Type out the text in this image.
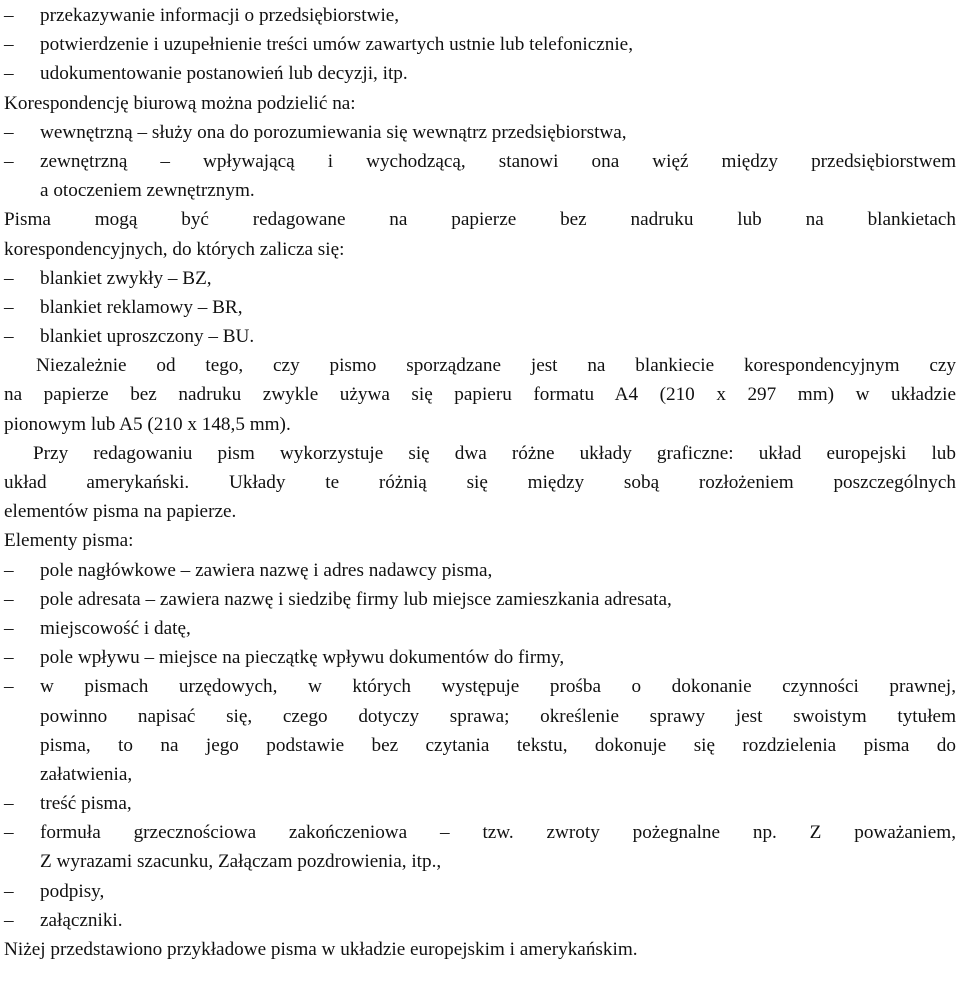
–	przekazywanie informacji o przedsiębiorstwie,
–	potwierdzenie i uzupełnienie treści umów zawartych ustnie lub telefonicznie,
–	udokumentowanie postanowień lub decyzji, itp.

Korespondencję biurową można podzielić na:

–	wewnętrzną – służy ona do porozumiewania się wewnątrz przedsiębiorstwa,
–	zewnętrzną – wpływającą i wychodzącą, stanowi ona więź między przedsiębiorstwem

a otoczeniem zewnętrznym.

Pisma mogą być redagowane na papierze bez nadruku lub na blankietach

korespondencyjnych, do których zalicza się:

–	blankiet zwykły – BZ,
–	blankiet reklamowy – BR,
–	blankiet uproszczony – BU.

Niezależnie od tego, czy pismo sporządzane jest na blankiecie korespondencyjnym czy

na papierze bez nadruku zwykle używa się papieru formatu A4 (210 x 297 mm) w układzie

pionowym lub A5 (210 x 148,5 mm).

Przy redagowaniu pism wykorzystuje się dwa różne układy graficzne: układ europejski lub

układ amerykański. Układy te różnią się między sobą rozłożeniem poszczególnych

elementów pisma na papierze.

Elementy pisma:

–	pole nagłówkowe – zawiera nazwę i adres nadawcy pisma,
–	pole adresata – zawiera nazwę i siedzibę firmy lub miejsce zamieszkania adresata,
–	miejscowość i datę,
–	pole wpływu – miejsce na pieczątkę wpływu dokumentów do firmy,
–	w pismach urzędowych, w których występuje prośba o dokonanie czynności prawnej,

powinno napisać się, czego dotyczy sprawa; określenie sprawy jest swoistym tytułem

pisma, to na jego podstawie bez czytania tekstu, dokonuje się rozdzielenia pisma do

załatwienia,

–	treść pisma,
–	formuła grzecznościowa zakończeniowa – tzw. zwroty pożegnalne np. Z poważaniem,

Z wyrazami szacunku, Załączam pozdrowienia, itp.,

–	podpisy,
–	załączniki.

Niżej przedstawiono przykładowe pisma w układzie europejskim i amerykańskim.
